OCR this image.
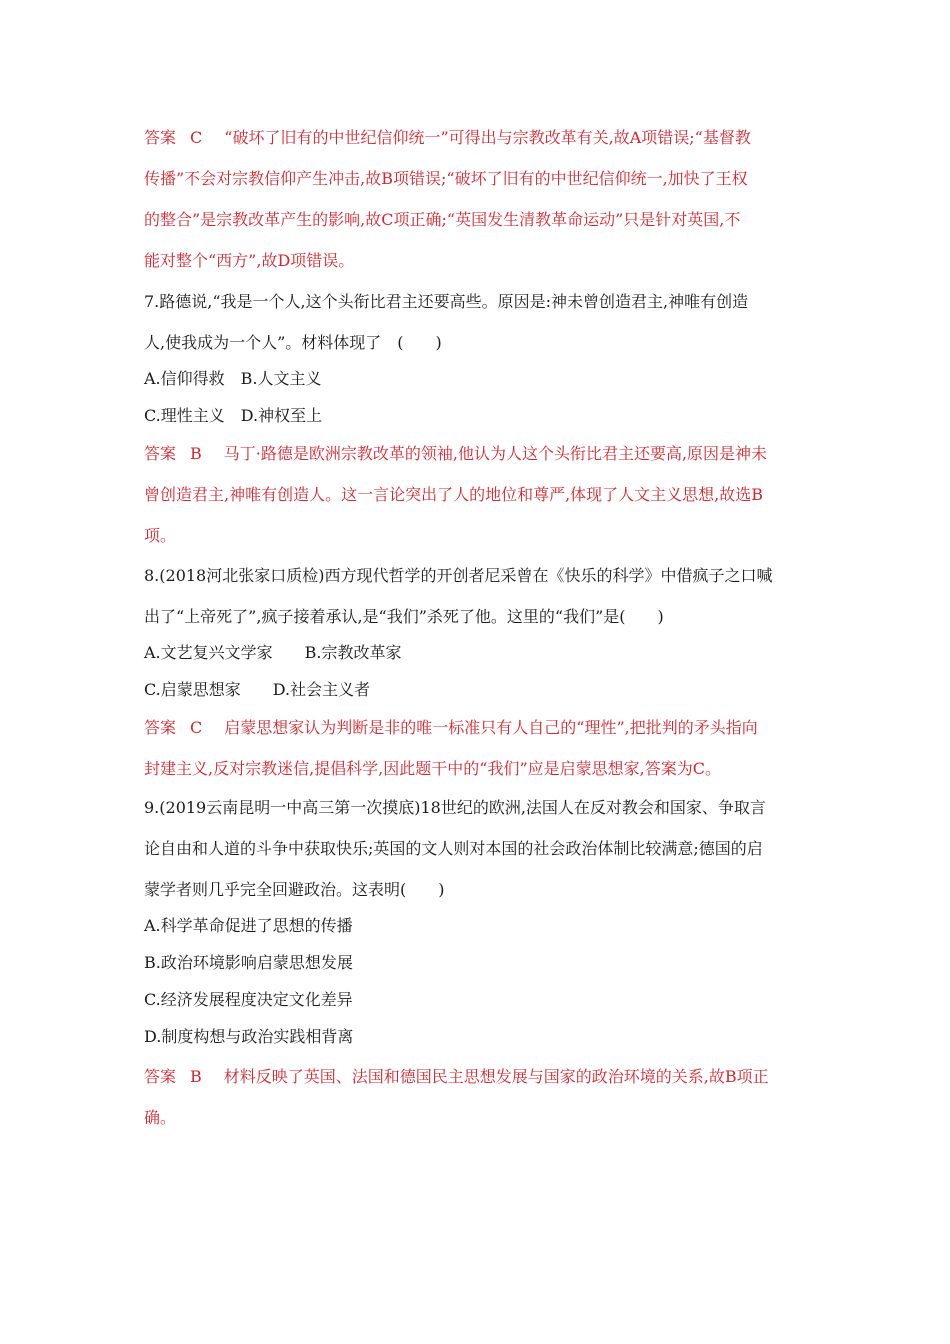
答案 C “破坏了旧有的中世纪信仰统一”可得出与宗教改革有关,故A项错误;“基督教
传播”不会对宗教信仰产生冲击,故B项错误;“破坏了旧有的中世纪信仰统一,加快了王权
的整合”是宗教改革产生的影响,故C项正确;“英国发生清教革命运动”只是针对英国,不
能对整个“西方”,故D项错误。
7.路德说,“我是一个人,这个头衔比君主还要高些。原因是:神未曾创造君主,神唯有创造
人,使我成为一个人”。材料体现了　(　　)
A.信仰得救　B.人文主义
C.理性主义　D.神权至上
答案 B 马丁·路德是欧洲宗教改革的领袖,他认为人这个头衔比君主还要高,原因是神未
曾创造君主,神唯有创造人。这一言论突出了人的地位和尊严,体现了人文主义思想,故选B
项。
8.(2018河北张家口质检)西方现代哲学的开创者尼采曾在《快乐的科学》中借疯子之口喊
出了“上帝死了”,疯子接着承认,是“我们”杀死了他。这里的“我们”是(　　)
A.文艺复兴文学家　　B.宗教改革家
C.启蒙思想家　　D.社会主义者
答案 C 启蒙思想家认为判断是非的唯一标准只有人自己的“理性”,把批判的矛头指向
封建主义,反对宗教迷信,提倡科学,因此题干中的“我们”应是启蒙思想家,答案为C。
9.(2019云南昆明一中高三第一次摸底)18世纪的欧洲,法国人在反对教会和国家、争取言
论自由和人道的斗争中获取快乐;英国的文人则对本国的社会政治体制比较满意;德国的启
蒙学者则几乎完全回避政治。这表明(　　)
A.科学革命促进了思想的传播
B.政治环境影响启蒙思想发展
C.经济发展程度决定文化差异
D.制度构想与政治实践相背离
答案 B 材料反映了英国、法国和德国民主思想发展与国家的政治环境的关系,故B项正
确。
